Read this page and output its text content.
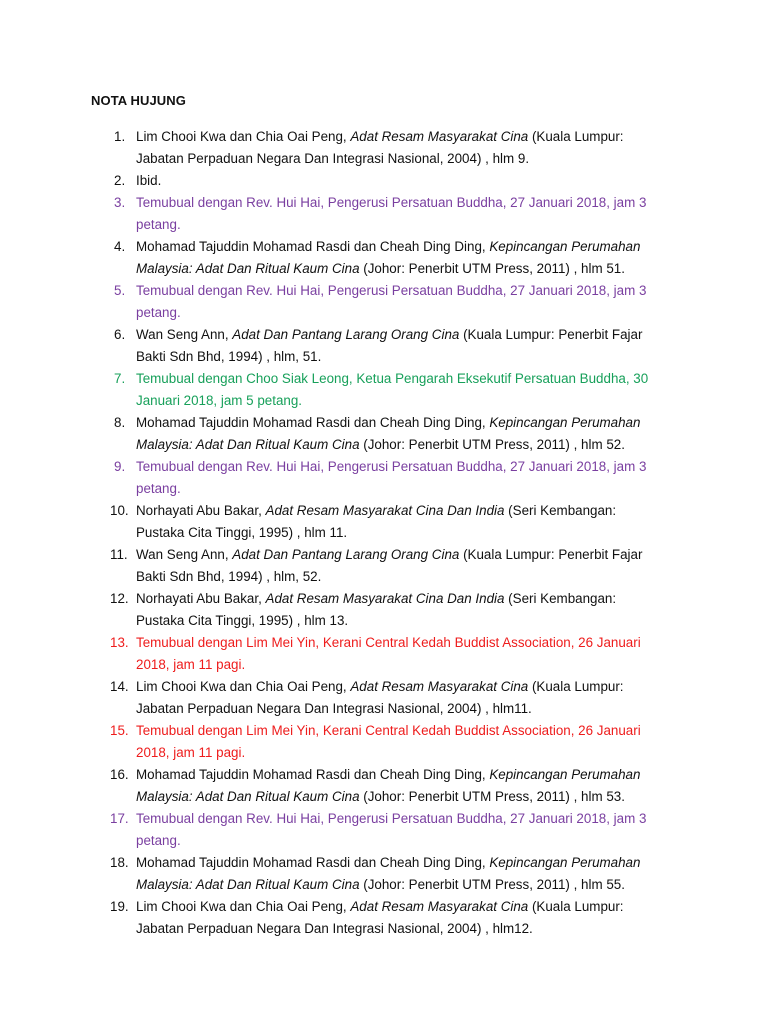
NOTA HUJUNG
1. Lim Chooi Kwa dan Chia Oai Peng, Adat Resam Masyarakat Cina (Kuala Lumpur: Jabatan Perpaduan Negara Dan Integrasi Nasional, 2004) , hlm 9.
2. Ibid.
3. Temubual dengan Rev. Hui Hai, Pengerusi Persatuan Buddha, 27 Januari 2018, jam 3 petang.
4. Mohamad Tajuddin Mohamad Rasdi dan Cheah Ding Ding, Kepincangan Perumahan Malaysia: Adat Dan Ritual Kaum Cina (Johor: Penerbit UTM Press, 2011) , hlm 51.
5. Temubual dengan Rev. Hui Hai, Pengerusi Persatuan Buddha, 27 Januari 2018, jam 3 petang.
6. Wan Seng Ann, Adat Dan Pantang Larang Orang Cina (Kuala Lumpur: Penerbit Fajar Bakti Sdn Bhd, 1994) , hlm, 51.
7. Temubual dengan Choo Siak Leong, Ketua Pengarah Eksekutif Persatuan Buddha, 30 Januari 2018, jam 5 petang.
8. Mohamad Tajuddin Mohamad Rasdi dan Cheah Ding Ding, Kepincangan Perumahan Malaysia: Adat Dan Ritual Kaum Cina (Johor: Penerbit UTM Press, 2011) , hlm 52.
9. Temubual dengan Rev. Hui Hai, Pengerusi Persatuan Buddha, 27 Januari 2018, jam 3 petang.
10. Norhayati Abu Bakar, Adat Resam Masyarakat Cina Dan India (Seri Kembangan: Pustaka Cita Tinggi, 1995) , hlm 11.
11. Wan Seng Ann, Adat Dan Pantang Larang Orang Cina (Kuala Lumpur: Penerbit Fajar Bakti Sdn Bhd, 1994) , hlm, 52.
12. Norhayati Abu Bakar, Adat Resam Masyarakat Cina Dan India (Seri Kembangan: Pustaka Cita Tinggi, 1995) , hlm 13.
13. Temubual dengan Lim Mei Yin, Kerani Central Kedah Buddist Association, 26 Januari 2018, jam 11 pagi.
14. Lim Chooi Kwa dan Chia Oai Peng, Adat Resam Masyarakat Cina (Kuala Lumpur: Jabatan Perpaduan Negara Dan Integrasi Nasional, 2004) , hlm11.
15. Temubual dengan Lim Mei Yin, Kerani Central Kedah Buddist Association, 26 Januari 2018, jam 11 pagi.
16. Mohamad Tajuddin Mohamad Rasdi dan Cheah Ding Ding, Kepincangan Perumahan Malaysia: Adat Dan Ritual Kaum Cina (Johor: Penerbit UTM Press, 2011) , hlm 53.
17. Temubual dengan Rev. Hui Hai, Pengerusi Persatuan Buddha, 27 Januari 2018, jam 3 petang.
18. Mohamad Tajuddin Mohamad Rasdi dan Cheah Ding Ding, Kepincangan Perumahan Malaysia: Adat Dan Ritual Kaum Cina (Johor: Penerbit UTM Press, 2011) , hlm 55.
19. Lim Chooi Kwa dan Chia Oai Peng, Adat Resam Masyarakat Cina (Kuala Lumpur: Jabatan Perpaduan Negara Dan Integrasi Nasional, 2004) , hlm12.
